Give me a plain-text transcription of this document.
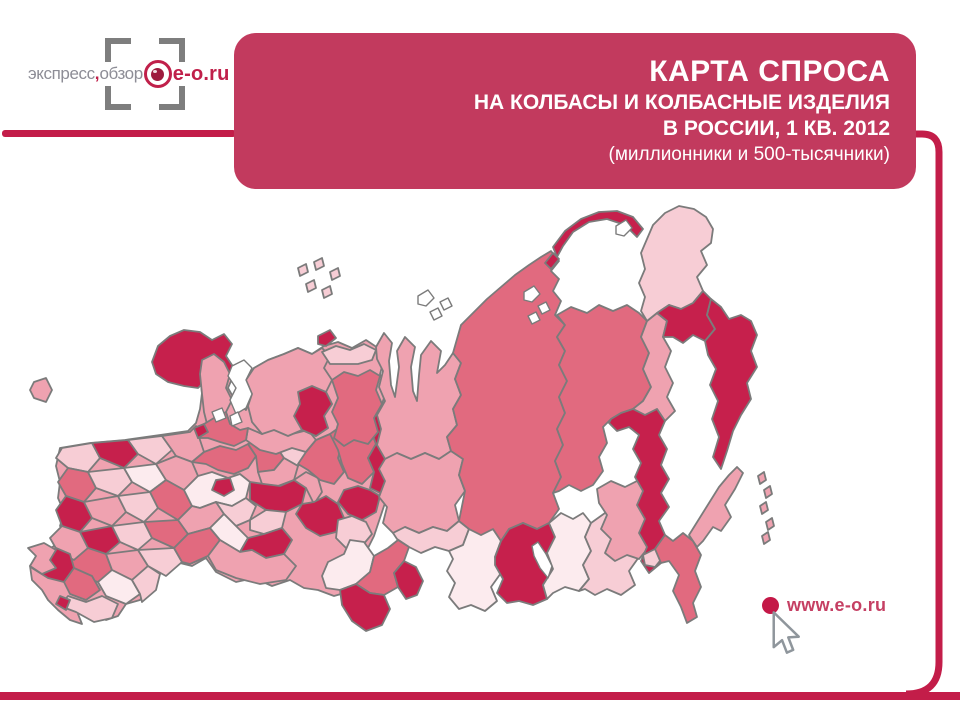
экспресс , обзор e-o.ru	КАРТА СПРОСА
НА КОЛБАСЫ И КОЛБАСНЫЕ ИЗДЕЛИЯ
В РОССИИ, 1 КВ. 2012
(миллионники и 500-тысячники)
www.e-o.ru
